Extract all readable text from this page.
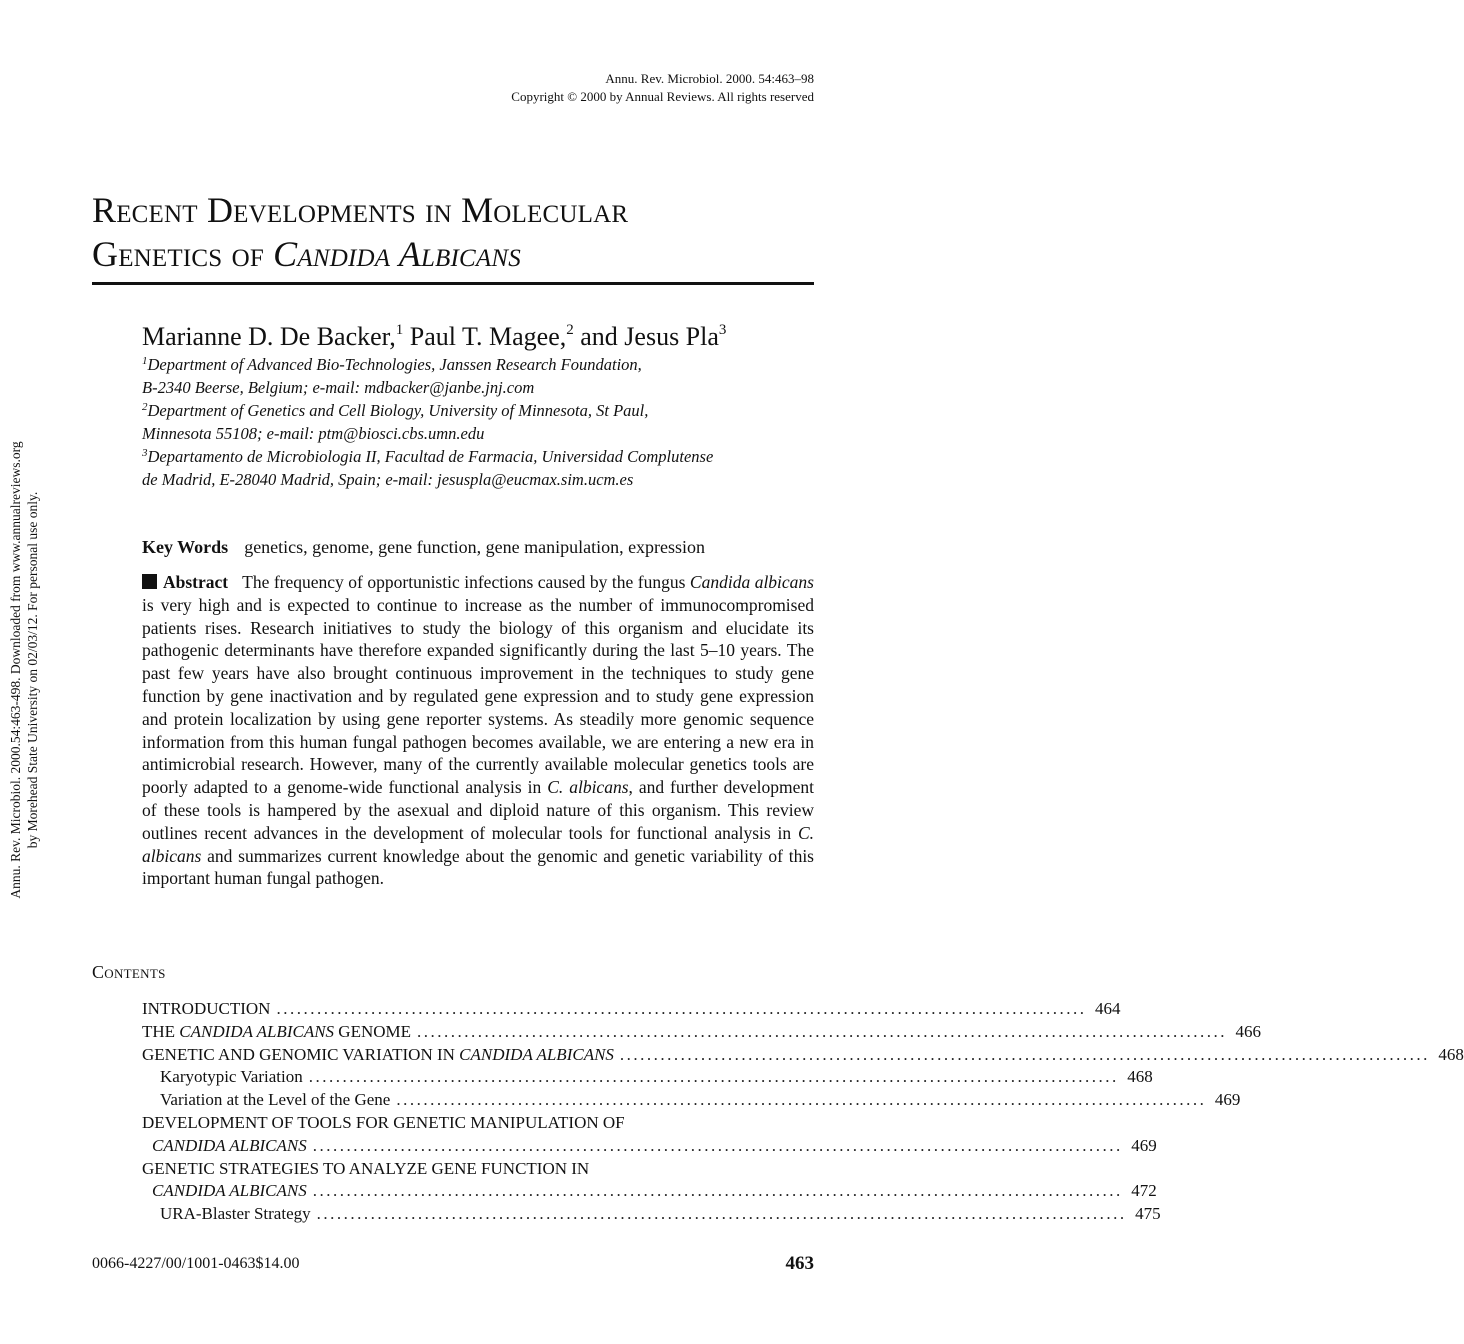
Annu. Rev. Microbiol. 2000. 54:463–98
Copyright © 2000 by Annual Reviews. All rights reserved
Annu. Rev. Microbiol. 2000.54:463-498. Downloaded from www.annualreviews.org by Morehead State University on 02/03/12. For personal use only.
Recent Developments in Molecular
Genetics of Candida Albicans
Marianne D. De Backer,$^1$ Paul T. Magee,$^2$ and Jesus Pla$^3$
$^1$Department of Advanced Bio-Technologies, Janssen Research Foundation,
B-2340 Beerse, Belgium; e-mail: mdbacker@janbe.jnj.com
$^2$Department of Genetics and Cell Biology, University of Minnesota, St Paul,
Minnesota 55108; e-mail: ptm@biosci.cbs.umn.edu
$^3$Departamento de Microbiologia II, Facultad de Farmacia, Universidad Complutense
de Madrid, E-28040 Madrid, Spain; e-mail: jesuspla@eucmax.sim.ucm.es
Key Words genetics, genome, gene function, gene manipulation, expression

Abstract The frequency of opportunistic infections caused by the fungus Candida albicans is very high and is expected to continue to increase as the number of immunocompromised patients rises. Research initiatives to study the biology of this organism and elucidate its pathogenic determinants have therefore expanded significantly during the last 5–10 years. The past few years have also brought continuous improvement in the techniques to study gene function by gene inactivation and by regulated gene expression and to study gene expression and protein localization by using gene reporter systems. As steadily more genomic sequence information from this human fungal pathogen becomes available, we are entering a new era in antimicrobial research. However, many of the currently available molecular genetics tools are poorly adapted to a genome-wide functional analysis in C. albicans, and further development of these tools is hampered by the asexual and diploid nature of this organism. This review outlines recent advances in the development of molecular tools for functional analysis in C. albicans and summarizes current knowledge about the genomic and genetic variability of this important human fungal pathogen.

Contents
INTRODUCTION ........................................................................................................................ 464
THE CANDIDA ALBICANS GENOME ........................................................................................................................ 466
GENETIC AND GENOMIC VARIATION IN CANDIDA ALBICANS ........................................................................................................................ 468
Karyotypic Variation ........................................................................................................................ 468
Variation at the Level of the Gene ........................................................................................................................ 469
DEVELOPMENT OF TOOLS FOR GENETIC MANIPULATION OF
CANDIDA ALBICANS ........................................................................................................................ 469
GENETIC STRATEGIES TO ANALYZE GENE FUNCTION IN
CANDIDA ALBICANS ........................................................................................................................ 472
URA-Blaster Strategy ........................................................................................................................ 475
0066-4227/00/1001-0463$14.00	463
